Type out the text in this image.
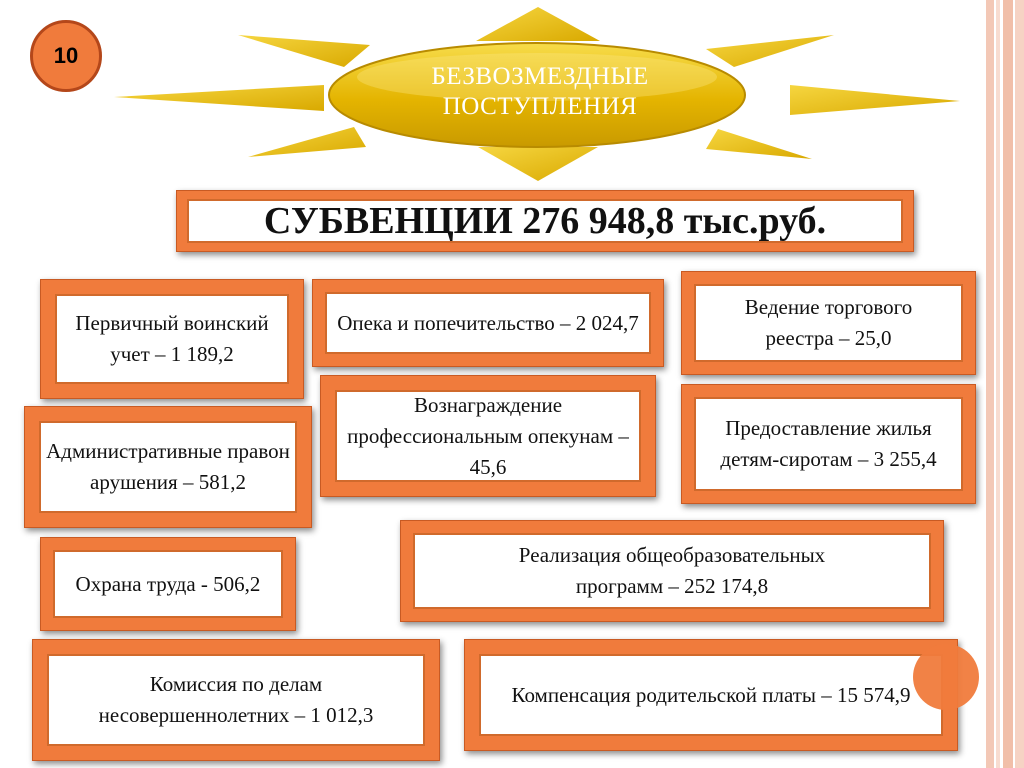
10
БЕЗВОЗМЕЗДНЫЕ
ПОСТУПЛЕНИЯ
СУБВЕНЦИИ 276 948,8 тыс.руб.
Первичный воинский учет – 1 189,2
Опека и попечительство – 2 024,7
Ведение торгового реестра – 25,0
Административные правонарушения – 581,2
Вознаграждение профессиональным опекунам – 45,6
Предоставление жилья детям-сиротам – 3 255,4
Охрана труда - 506,2
Реализация общеобразовательных программ – 252 174,8
Комиссия по делам несовершеннолетних – 1 012,3
Компенсация родительской платы – 15 574,9
